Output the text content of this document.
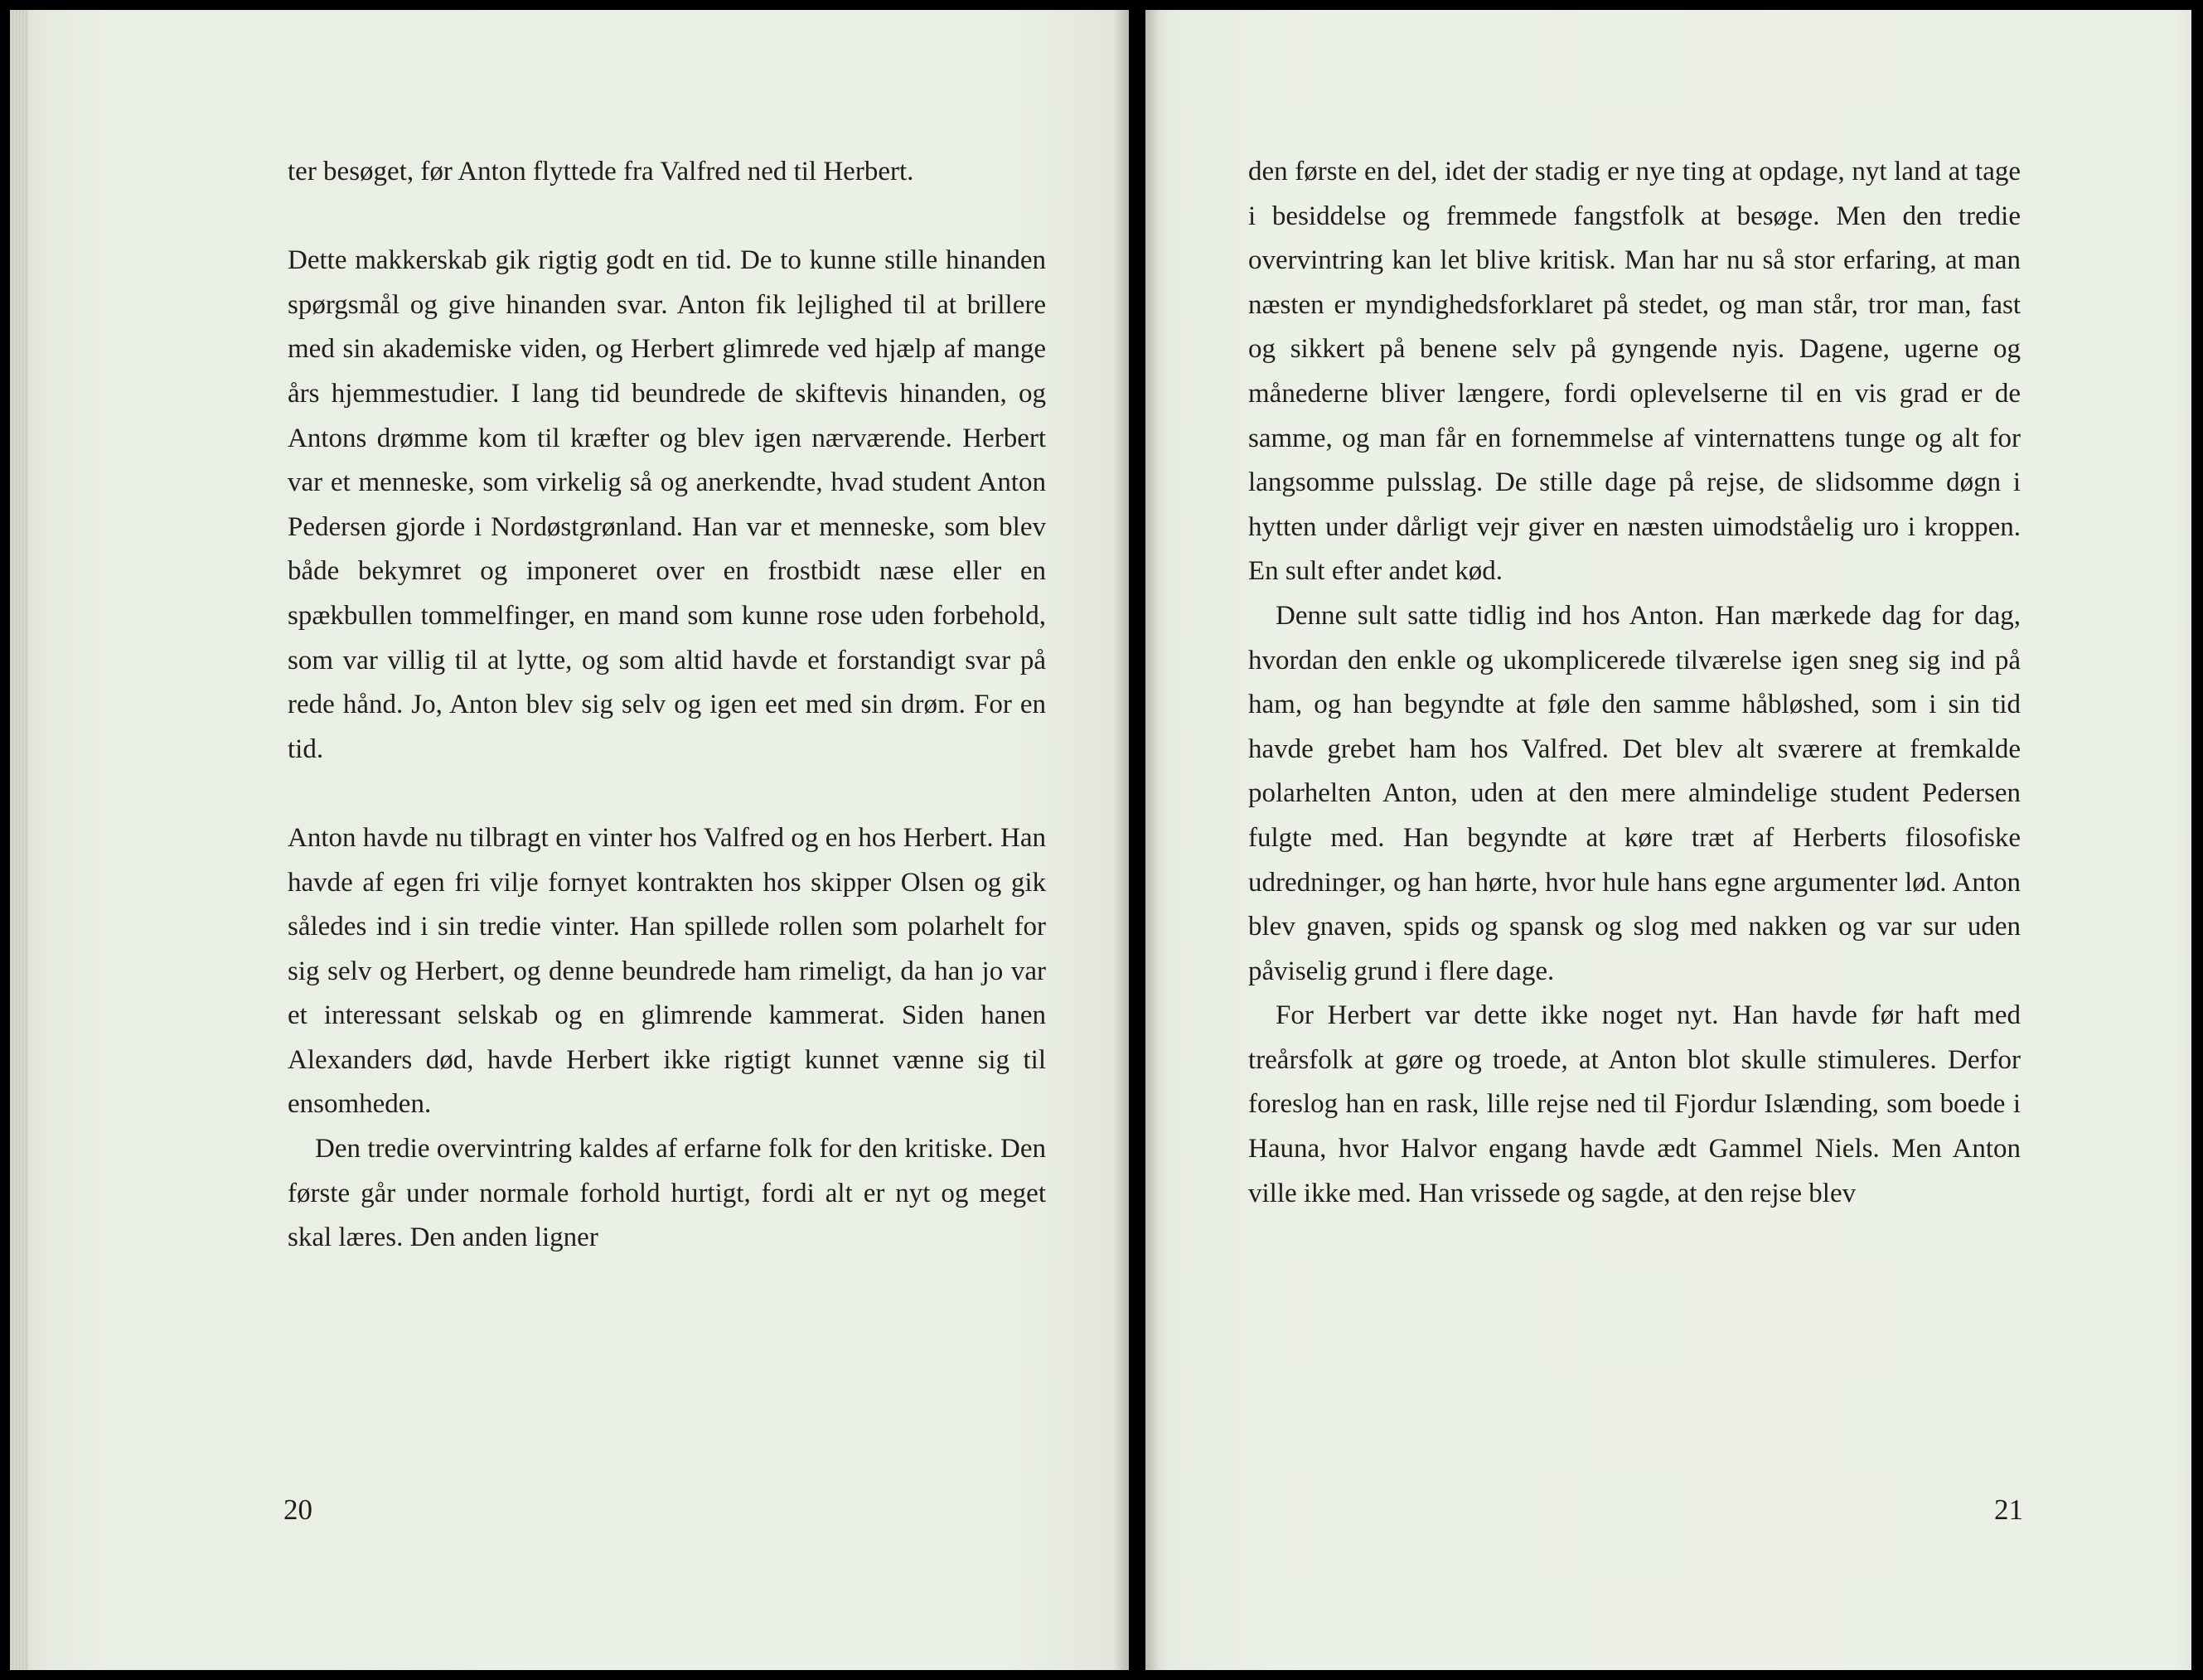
ter besøget, før Anton flyttede fra Valfred ned til Herbert.

Dette makkerskab gik rigtig godt en tid. De to kunne stille hinanden spørgsmål og give hinanden svar. Anton fik lejlighed til at brillere med sin akademiske viden, og Herbert glimrede ved hjælp af mange års hjemmestudier. I lang tid beundrede de skiftevis hinanden, og Antons drømme kom til kræfter og blev igen nærværende. Herbert var et menneske, som virkelig så og anerkendte, hvad student Anton Pedersen gjorde i Nordøstgrønland. Han var et menneske, som blev både bekymret og imponeret over en frostbidt næse eller en spækbullen tommelfinger, en mand som kunne rose uden forbehold, som var villig til at lytte, og som altid havde et forstandigt svar på rede hånd. Jo, Anton blev sig selv og igen eet med sin drøm. For en tid.

Anton havde nu tilbragt en vinter hos Valfred og en hos Herbert. Han havde af egen fri vilje fornyet kontrakten hos skipper Olsen og gik således ind i sin tredie vinter. Han spillede rollen som polarhelt for sig selv og Herbert, og denne beundrede ham rimeligt, da han jo var et interessant selskab og en glimrende kammerat. Siden hanen Alexanders død, havde Herbert ikke rigtigt kunnet vænne sig til ensomheden.

Den tredie overvintring kaldes af erfarne folk for den kritiske. Den første går under normale forhold hurtigt, fordi alt er nyt og meget skal læres. Den anden ligner

20

den første en del, idet der stadig er nye ting at opdage, nyt land at tage i besiddelse og fremmede fangstfolk at besøge. Men den tredie overvintring kan let blive kritisk. Man har nu så stor erfaring, at man næsten er myndighedsforklaret på stedet, og man står, tror man, fast og sikkert på benene selv på gyngende nyis. Dagene, ugerne og månederne bliver længere, fordi oplevelserne til en vis grad er de samme, og man får en fornemmelse af vinternattens tunge og alt for langsomme pulsslag. De stille dage på rejse, de slidsomme døgn i hytten under dårligt vejr giver en næsten uimodståelig uro i kroppen. En sult efter andet kød.

Denne sult satte tidlig ind hos Anton. Han mærkede dag for dag, hvordan den enkle og ukomplicerede tilværelse igen sneg sig ind på ham, og han begyndte at føle den samme håbløshed, som i sin tid havde grebet ham hos Valfred. Det blev alt sværere at fremkalde polarhelten Anton, uden at den mere almindelige student Pedersen fulgte med. Han begyndte at køre træt af Herberts filosofiske udredninger, og han hørte, hvor hule hans egne argumenter lød. Anton blev gnaven, spids og spansk og slog med nakken og var sur uden påviselig grund i flere dage.

For Herbert var dette ikke noget nyt. Han havde før haft med treårsfolk at gøre og troede, at Anton blot skulle stimuleres. Derfor foreslog han en rask, lille rejse ned til Fjordur Islænding, som boede i Hauna, hvor Halvor engang havde ædt Gammel Niels. Men Anton ville ikke med. Han vrissede og sagde, at den rejse blev

21
